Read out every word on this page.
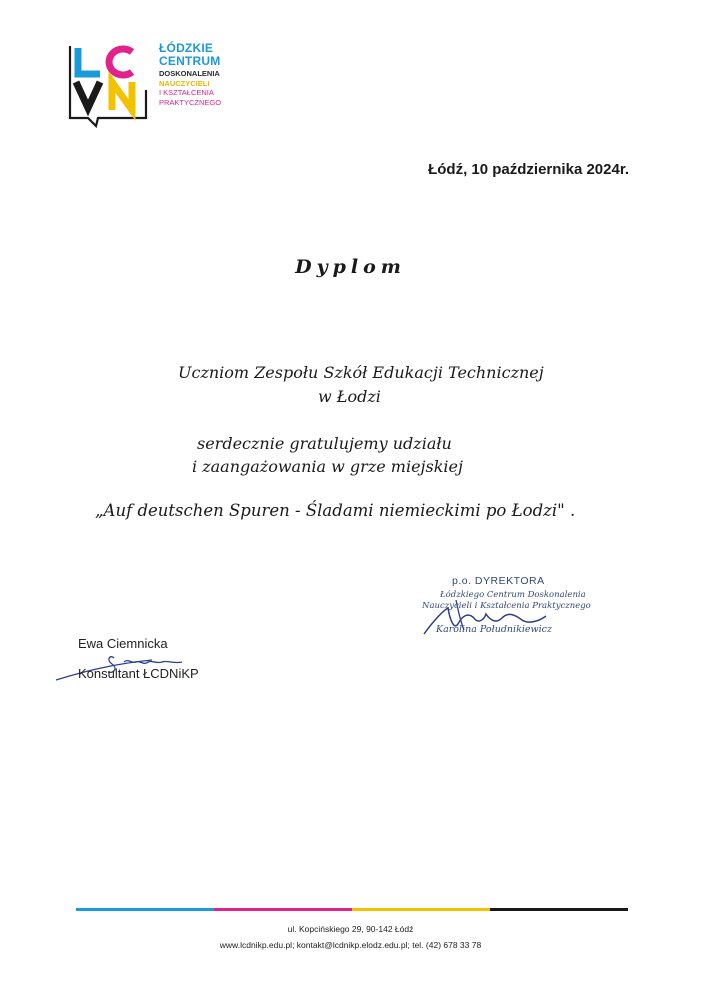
ŁÓDZKIE
CENTRUM
DOSKONALENIA
NAUCZYCIELI
I KSZTAŁCENIA
PRAKTYCZNEGO
Łódź, 10 października 2024r.
Dyplom
Uczniom Zespołu Szkół Edukacji Technicznej
w Łodzi
serdecznie gratulujemy udziału
i zaangażowania w grze miejskiej
„Auf deutschen Spuren - Śladami niemieckimi po Łodzi" .
p.o. DYREKTORA
Łódzkiego Centrum Doskonalenia
Nauczycieli i Kształcenia Praktycznego
Karolina Południkiewicz
Ewa Ciemnicka
Konsultant ŁCDNiKP
ul. Kopcińskiego 29, 90-142 Łódź
www.lcdnikp.edu.pl; kontakt@lcdnikp.elodz.edu.pl; tel. (42) 678 33 78
